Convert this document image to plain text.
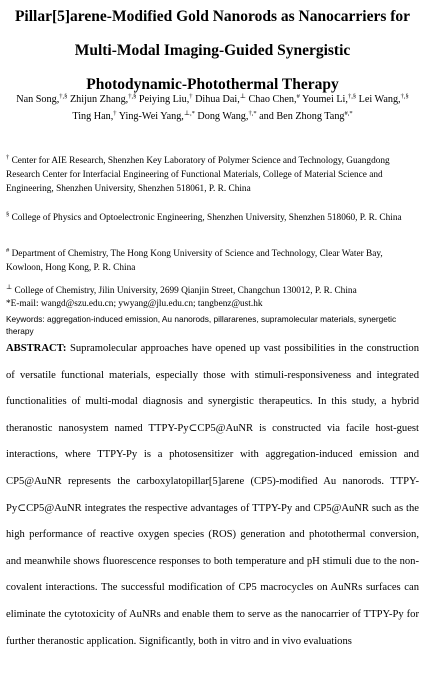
Pillar[5]arene-Modified Gold Nanorods as Nanocarriers for
Multi-Modal Imaging-Guided Synergistic
Photodynamic-Photothermal Therapy
Nan Song,†,§ Zhijun Zhang,†,§ Peiying Liu,† Dihua Dai,⊥ Chao Chen,# Youmei Li,†,§ Lei Wang,†,§ Ting Han,† Ying-Wei Yang,⊥,* Dong Wang,†,* and Ben Zhong Tang#,*
† Center for AIE Research, Shenzhen Key Laboratory of Polymer Science and Technology, Guangdong Research Center for Interfacial Engineering of Functional Materials, College of Material Science and Engineering, Shenzhen University, Shenzhen 518061, P. R. China
§ College of Physics and Optoelectronic Engineering, Shenzhen University, Shenzhen 518060, P. R. China
# Department of Chemistry, The Hong Kong University of Science and Technology, Clear Water Bay, Kowloon, Hong Kong, P. R. China
⊥ College of Chemistry, Jilin University, 2699 Qianjin Street, Changchun 130012, P. R. China
*E-mail: wangd@szu.edu.cn; ywyang@jlu.edu.cn; tangbenz@ust.hk
Keywords: aggregation-induced emission, Au nanorods, pillararenes, supramolecular materials, synergetic therapy
ABSTRACT: Supramolecular approaches have opened up vast possibilities in the construction of versatile functional materials, especially those with stimuli-responsiveness and integrated functionalities of multi-modal diagnosis and synergistic therapeutics. In this study, a hybrid theranostic nanosystem named TTPY-Py⊂CP5@AuNR is constructed via facile host-guest interactions, where TTPY-Py is a photosensitizer with aggregation-induced emission and CP5@AuNR represents the carboxylatopillar[5]arene (CP5)-modified Au nanorods. TTPY-Py⊂CP5@AuNR integrates the respective advantages of TTPY-Py and CP5@AuNR such as the high performance of reactive oxygen species (ROS) generation and photothermal conversion, and meanwhile shows fluorescence responses to both temperature and pH stimuli due to the non-covalent interactions. The successful modification of CP5 macrocycles on AuNRs surfaces can eliminate the cytotoxicity of AuNRs and enable them to serve as the nanocarrier of TTPY-Py for further theranostic application. Significantly, both in vitro and in vivo evaluations
